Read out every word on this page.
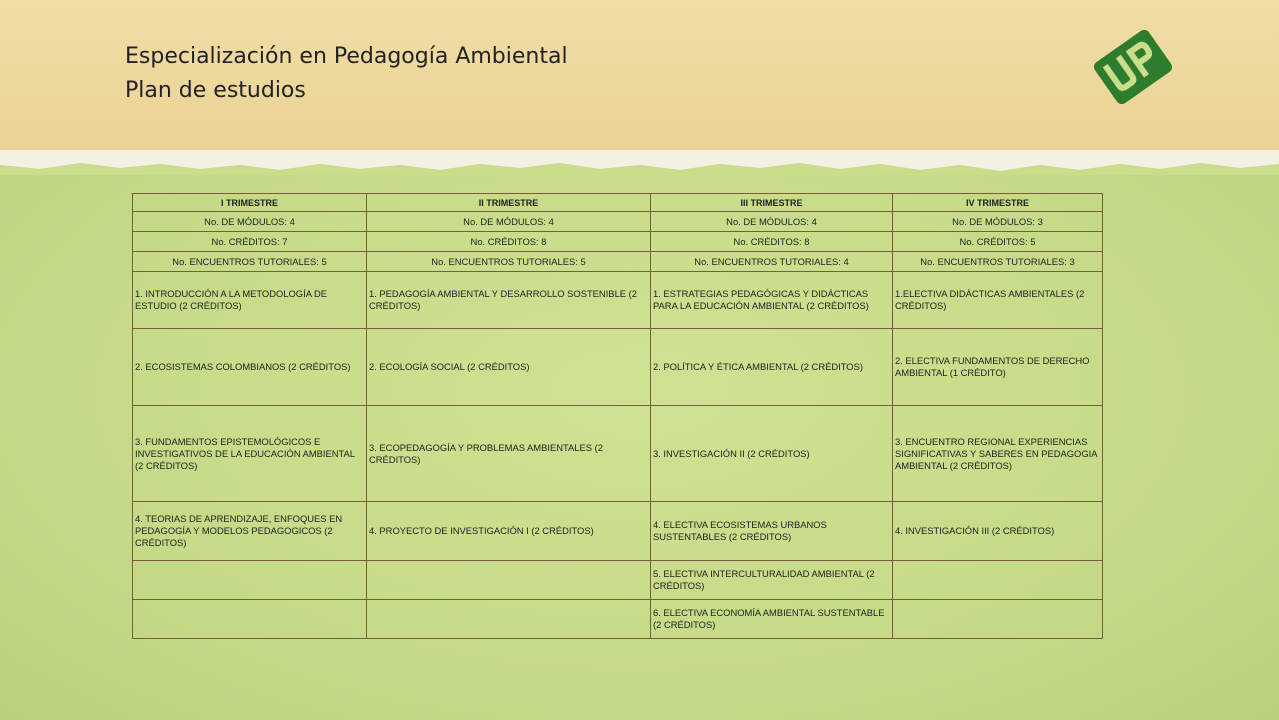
Especialización en Pedagogía Ambiental
Plan de estudios
I TRIMESTRE	II TRIMESTRE	III TRIMESTRE	IV TRIMESTRE
No. DE MÓDULOS: 4	No. DE MÓDULOS: 4	No. DE MÓDULOS: 4	No. DE MÓDULOS: 3
No. CRÉDITOS: 7	No. CRÉDITOS: 8	No. CRÉDITOS: 8	No. CRÉDITOS: 5
No. ENCUENTROS TUTORIALES: 5	No. ENCUENTROS TUTORIALES: 5	No. ENCUENTROS TUTORIALES: 4	No. ENCUENTROS TUTORIALES: 3
1. INTRODUCCIÓN A LA METODOLOGÍA DE ESTUDIO (2 CRÉDITOS)	1. PEDAGOGÍA AMBIENTAL Y DESARROLLO SOSTENIBLE (2 CRÉDITOS)	1. ESTRATEGIAS PEDAGÓGICAS Y DIDÁCTICAS PARA LA EDUCACIÓN AMBIENTAL (2 CRÉDITOS)	1.ELECTIVA DIDÁCTICAS AMBIENTALES (2 CRÉDITOS)
2. ECOSISTEMAS COLOMBIANOS (2 CRÉDITOS)	2. ECOLOGÍA SOCIAL (2 CRÉDITOS)	2. POLÍTICA Y ÉTICA AMBIENTAL (2 CRÉDITOS)	2. ELECTIVA FUNDAMENTOS DE DERECHO AMBIENTAL (1 CRÉDITO)
3. FUNDAMENTOS EPISTEMOLÓGICOS E INVESTIGATIVOS DE LA EDUCACIÓN AMBIENTAL (2 CRÉDITOS)	3. ECOPEDAGOGÍA Y PROBLEMAS AMBIENTALES (2 CRÉDITOS)	3. INVESTIGACIÓN II (2 CRÉDITOS)	3. ENCUENTRO REGIONAL EXPERIENCIAS SIGNIFICATIVAS Y SABERES EN PEDAGOGIA AMBIENTAL (2 CRÉDITOS)
4. TEORIAS DE APRENDIZAJE, ENFOQUES EN PEDAGOGÍA Y MODELOS PEDAGOGICOS (2 CRÉDITOS)	4. PROYECTO DE INVESTIGACIÓN I (2 CRÉDITOS)	4. ELECTIVA ECOSISTEMAS URBANOS SUSTENTABLES (2 CRÉDITOS)	4. INVESTIGACIÓN III (2 CRÉDITOS)
		5. ELECTIVA INTERCULTURALIDAD AMBIENTAL (2 CRÉDITOS)	
		6. ELECTIVA ECONOMÍA AMBIENTAL SUSTENTABLE (2 CRÉDITOS)	
